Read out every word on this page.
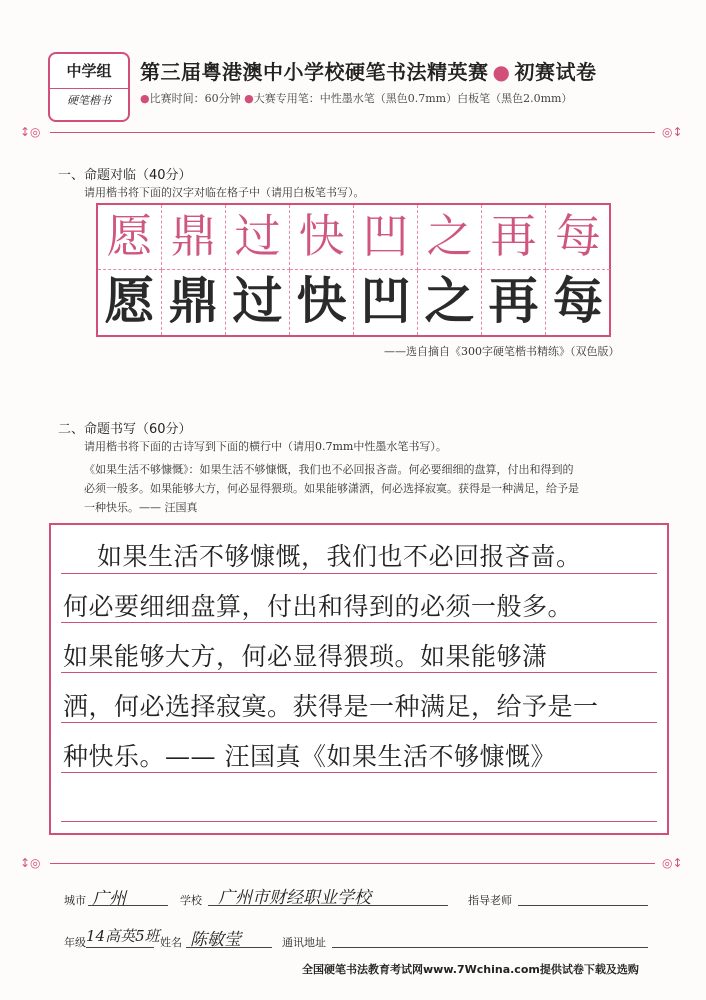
中学组
硬笔楷书
第三届粤港澳中小学校硬笔书法精英赛 ● 初赛试卷
●比赛时间：60分钟 ●大赛专用笔：中性墨水笔（黑色0.7mm）白板笔（黑色2.0mm）
↕◎	◎↕
一、命题对临（40分）
请用楷书将下面的汉字对临在格子中（请用白板笔书写）。
愿 鼎 过 快 凹 之 再 每
愿 鼎 过 快 凹 之 再 每
——选自摘自《300字硬笔楷书精练》（双色版）
二、命题书写（60分）
请用楷书将下面的古诗写到下面的横行中（请用0.7mm中性墨水笔书写）。
《如果生活不够慷慨》：如果生活不够慷慨，我们也不必回报吝啬。何必要细细的盘算，付出和得到的
必须一般多。如果能够大方，何必显得猥琐。如果能够潇洒，何必选择寂寞。获得是一种满足，给予是
一种快乐。—— 汪国真
如果生活不够慷慨，我们也不必回报吝啬。
何必要细细盘算，付出和得到的必须一般多。
如果能够大方，何必显得猥琐。如果能够潇
洒，何必选择寂寞。获得是一种满足，给予是一
种快乐。—— 汪国真《如果生活不够慷慨》
↕◎	◎↕
城市 广州	学校 广州市财经职业学校	指导老师
年级 14高英5班 姓名 陈敏莹	通讯地址
全国硬笔书法教育考试网www.7Wchina.com提供试卷下载及选购
